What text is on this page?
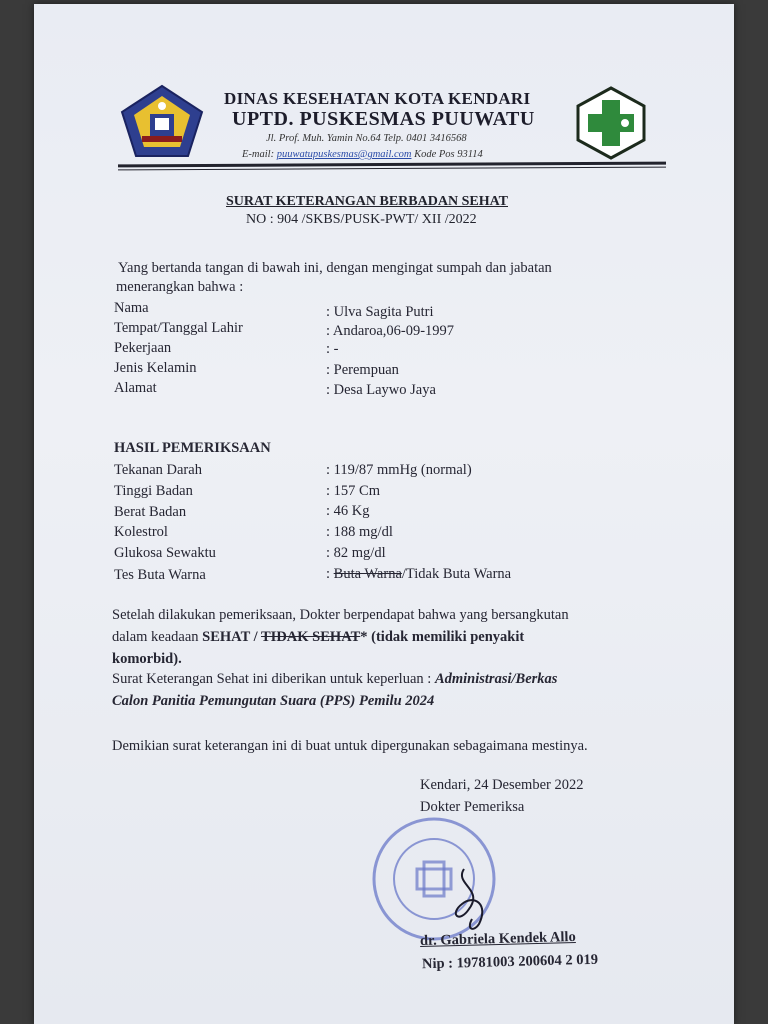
DINAS KESEHATAN KOTA KENDARI
UPTD. PUSKESMAS PUUWATU
Jl. Prof. Muh. Yamin No.64 Telp. 0401 3416568
E-mail: puuwatupuskesmas@gmail.com Kode Pos 93114
SURAT KETERANGAN BERBADAN SEHAT
NO : 904 /SKBS/PUSK-PWT/ XII /2022
Yang bertanda tangan di bawah ini, dengan mengingat sumpah dan jabatan
menerangkan bahwa :
Nama	: Ulva Sagita Putri
Tempat/Tanggal Lahir	: Andaroa,06-09-1997
Pekerjaan	: -
Jenis Kelamin	: Perempuan
Alamat	: Desa Laywo Jaya
HASIL PEMERIKSAAN
Tekanan Darah	: 119/87 mmHg (normal)
Tinggi Badan	: 157 Cm
Berat Badan	: 46 Kg
Kolestrol	: 188 mg/dl
Glukosa Sewaktu	: 82 mg/dl
Tes Buta Warna	: Buta Warna/Tidak Buta Warna
Setelah dilakukan pemeriksaan, Dokter berpendapat bahwa yang bersangkutan
dalam keadaan SEHAT / TIDAK SEHAT* (tidak memiliki penyakit
komorbid).
Surat Keterangan Sehat ini diberikan untuk keperluan : Administrasi/Berkas
Calon Panitia Pemungutan Suara (PPS) Pemilu 2024
Demikian surat keterangan ini di buat untuk dipergunakan sebagaimana mestinya.
Kendari, 24 Desember 2022
Dokter Pemeriksa
dr. Gabriela Kendek Allo
Nip : 19781003 200604 2 019
